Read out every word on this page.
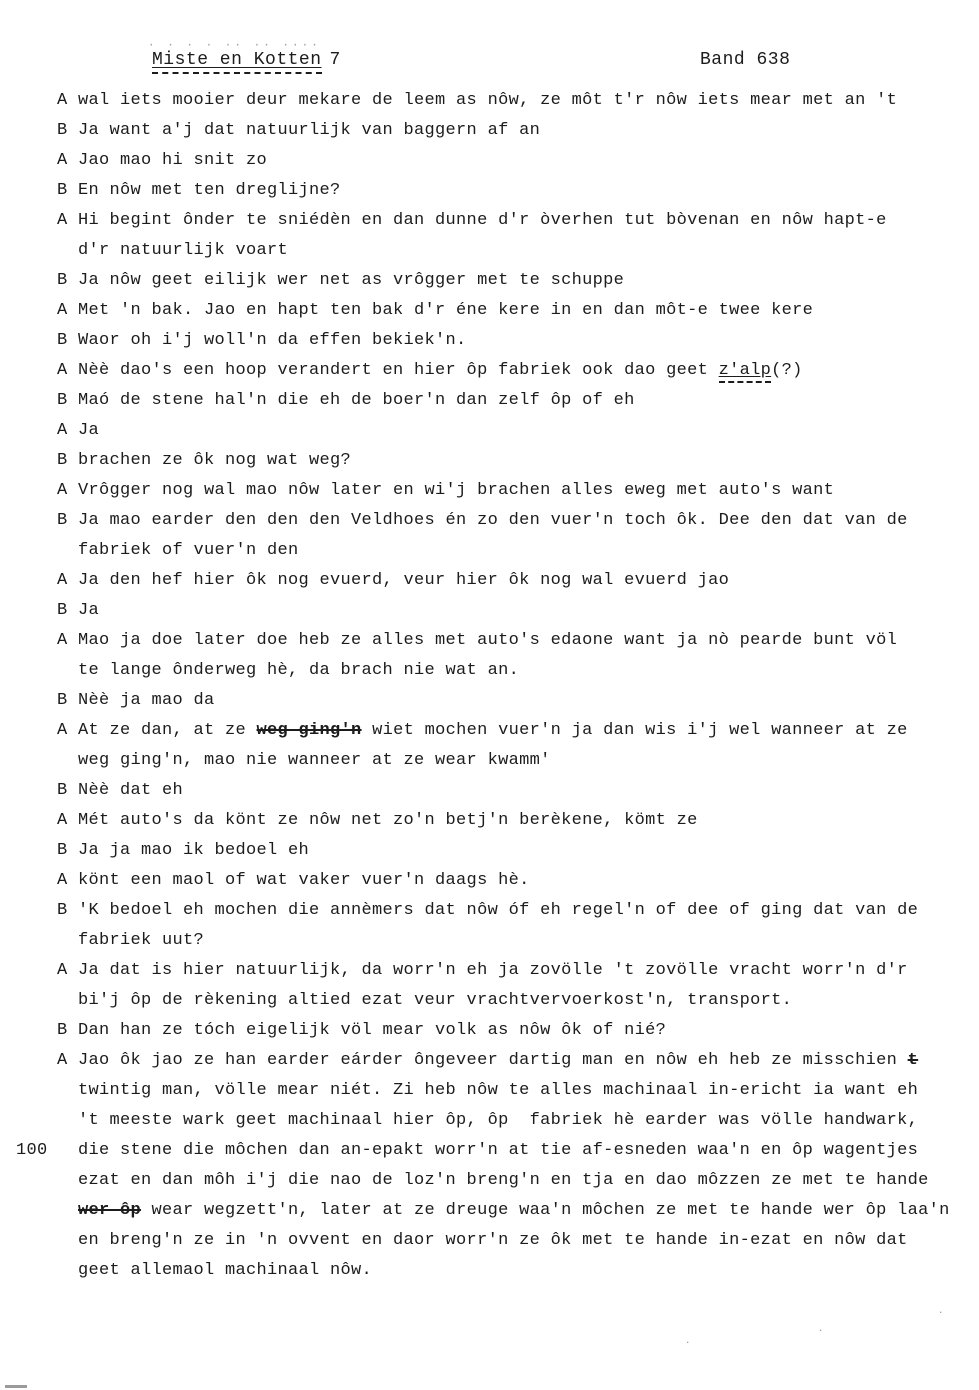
· · · · ·· ·· ····
Miste en Kotten 7	Band 638
A wal iets mooier deur mekare de leem as nôw, ze môt t'r nôw iets mear met an 't
B Ja want a'j dat natuurlijk van baggern af an
A Jao mao hi snit zo
B En nôw met ten dreglijne?
A Hi begint ônder te sniédèn en dan dunne d'r òverhen tut bòvenan en nôw hapt-e
d'r natuurlijk voart
B Ja nôw geet eilijk wer net as vrôgger met te schuppe
A Met 'n bak. Jao en hapt ten bak d'r éne kere in en dan môt-e twee kere
B Waor oh i'j woll'n da effen bekiek'n.
A Nèè dao's een hoop verandert en hier ôp fabriek ook dao geet z'alp(?)
B Maó de stene hal'n die eh de boer'n dan zelf ôp of eh
A Ja
B brachen ze ôk nog wat weg?
A Vrôgger nog wal mao nôw later en wi'j brachen alles eweg met auto's want
B Ja mao earder den den den Veldhoes én zo den vuer'n toch ôk. Dee den dat van de
fabriek of vuer'n den
A Ja den hef hier ôk nog evuerd, veur hier ôk nog wal evuerd jao
B Ja
A Mao ja doe later doe heb ze alles met auto's edaone want ja nò pearde bunt völ
te lange ônderweg hè, da brach nie wat an.
B Nèè ja mao da
A At ze dan, at ze weg ging'n wiet mochen vuer'n ja dan wis i'j wel wanneer at ze
weg ging'n, mao nie wanneer at ze wear kwamm'
B Nèè dat eh
A Mét auto's da könt ze nôw net zo'n betj'n berèkene, kömt ze
B Ja ja mao ik bedoel eh
A könt een maol of wat vaker vuer'n daags hè.
B 'K bedoel eh mochen die annèmers dat nôw óf eh regel'n of dee of ging dat van de
fabriek uut?
A Ja dat is hier natuurlijk, da worr'n eh ja zovölle 't zovölle vracht worr'n d'r
bi'j ôp de rèkening altied ezat veur vrachtvervoerkost'n, transport.
B Dan han ze tóch eigelijk völ mear volk as nôw ôk of nié?
A Jao ôk jao ze han earder eárder ôngeveer dartig man en nôw eh heb ze misschien t
twintig man, völle mear niét. Zi heb nôw te alles machinaal in-ericht ia want eh
't meeste wark geet machinaal hier ôp, ôp  fabriek hè earder was völle handwark,
100	die stene die môchen dan an-epakt worr'n at tie af-esneden waa'n en ôp wagentjes
ezat en dan môh i'j die nao de loz'n breng'n en tja en dao môzzen ze met te hande
wer ôp wear wegzett'n, later at ze dreuge waa'n môchen ze met te hande wer ôp laa'n
en breng'n ze in 'n ovvent en daor worr'n ze ôk met te hande in-ezat en nôw dat
geet allemaol machinaal nôw.
·
·
·
